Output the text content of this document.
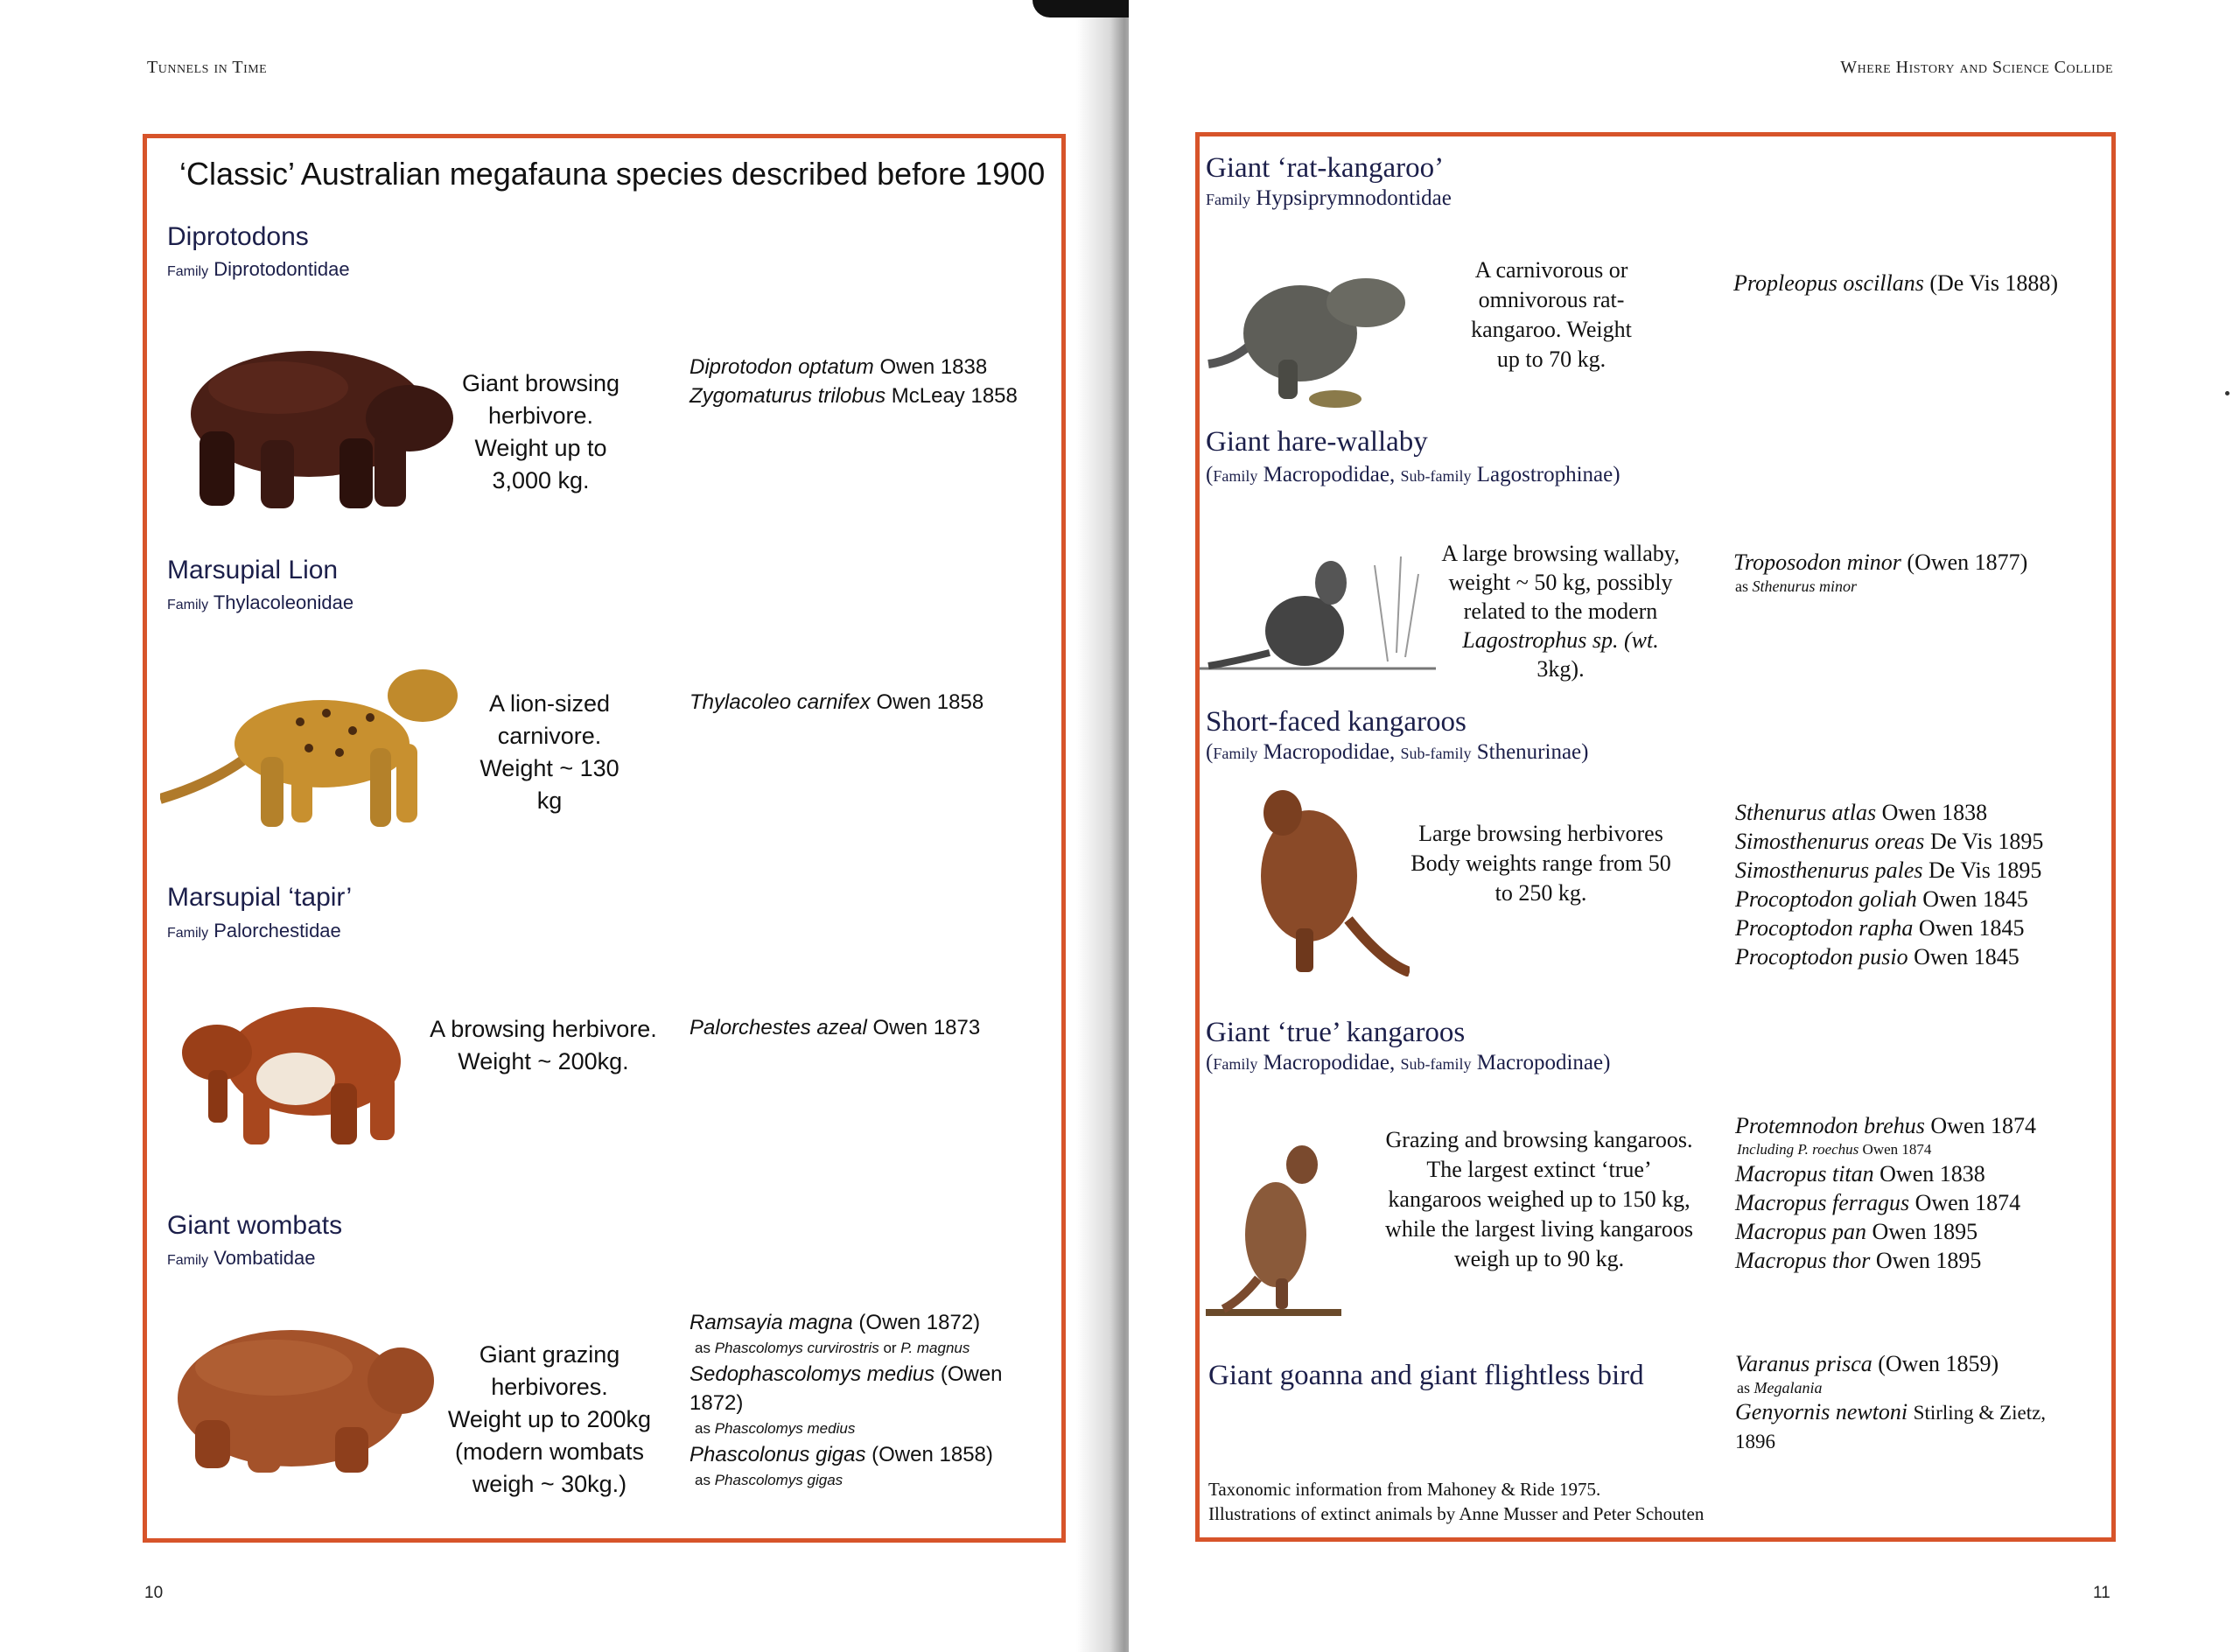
Tunnels in Time
‘Classic’ Australian megafauna species described before 1900
Diprotodons
Family Diprotodontidae
Giant browsing
herbivore.
Weight up to
3,000 kg.
Diprotodon optatum Owen 1838
Zygomaturus trilobus McLeay 1858
Marsupial Lion
Family Thylacoleonidae
A lion-sized
carnivore.
Weight ~ 130 kg
Thylacoleo carnifex Owen 1858
Marsupial ‘tapir’
Family Palorchestidae
A browsing herbivore.
Weight ~ 200kg.
Palorchestes azeal Owen 1873
Giant wombats
Family Vombatidae
Giant grazing
herbivores.
Weight up to 200kg
(modern wombats
weigh ~ 30kg.)
Ramsayia magna (Owen 1872)
as Phascolomys curvirostris or P. magnus
Sedophascolomys medius (Owen 1872)
as Phascolomys medius
Phascolonus gigas (Owen 1858)
as Phascolomys gigas
10
Where History and Science Collide
Giant ‘rat-kangaroo’
Family Hypsiprymnodontidae
A carnivorous or
omnivorous rat-
kangaroo. Weight
up to 70 kg.
Propleopus oscillans (De Vis 1888)
Giant hare-wallaby
(Family Macropodidae, Sub-family Lagostrophinae)
A large browsing wallaby,
weight ~ 50 kg, possibly
related to the modern
Lagostrophus sp. (wt.
3kg).
Troposodon minor (Owen 1877)
as Sthenurus minor
Short-faced kangaroos
(Family Macropodidae, Sub-family Sthenurinae)
Large browsing herbivores
Body weights range from 50
to 250 kg.
Sthenurus atlas Owen 1838
Simosthenurus oreas De Vis 1895
Simosthenurus pales De Vis 1895
Procoptodon goliah Owen 1845
Procoptodon rapha Owen 1845
Procoptodon pusio Owen 1845
Giant ‘true’ kangaroos
(Family Macropodidae, Sub-family Macropodinae)
Grazing and browsing kangaroos.
The largest extinct ‘true’
kangaroos weighed up to 150 kg,
while the largest living kangaroos
weigh up to 90 kg.
Protemnodon brehus Owen 1874
Including P. roechus Owen 1874
Macropus titan Owen 1838
Macropus ferragus Owen 1874
Macropus pan Owen 1895
Macropus thor Owen 1895
Giant goanna and giant flightless bird	Varanus prisca (Owen 1859)
as Megalania
Genyornis newtoni Stirling & Zietz,
1896
Taxonomic information from Mahoney & Ride 1975.
Illustrations of extinct animals by Anne Musser and Peter Schouten
11
